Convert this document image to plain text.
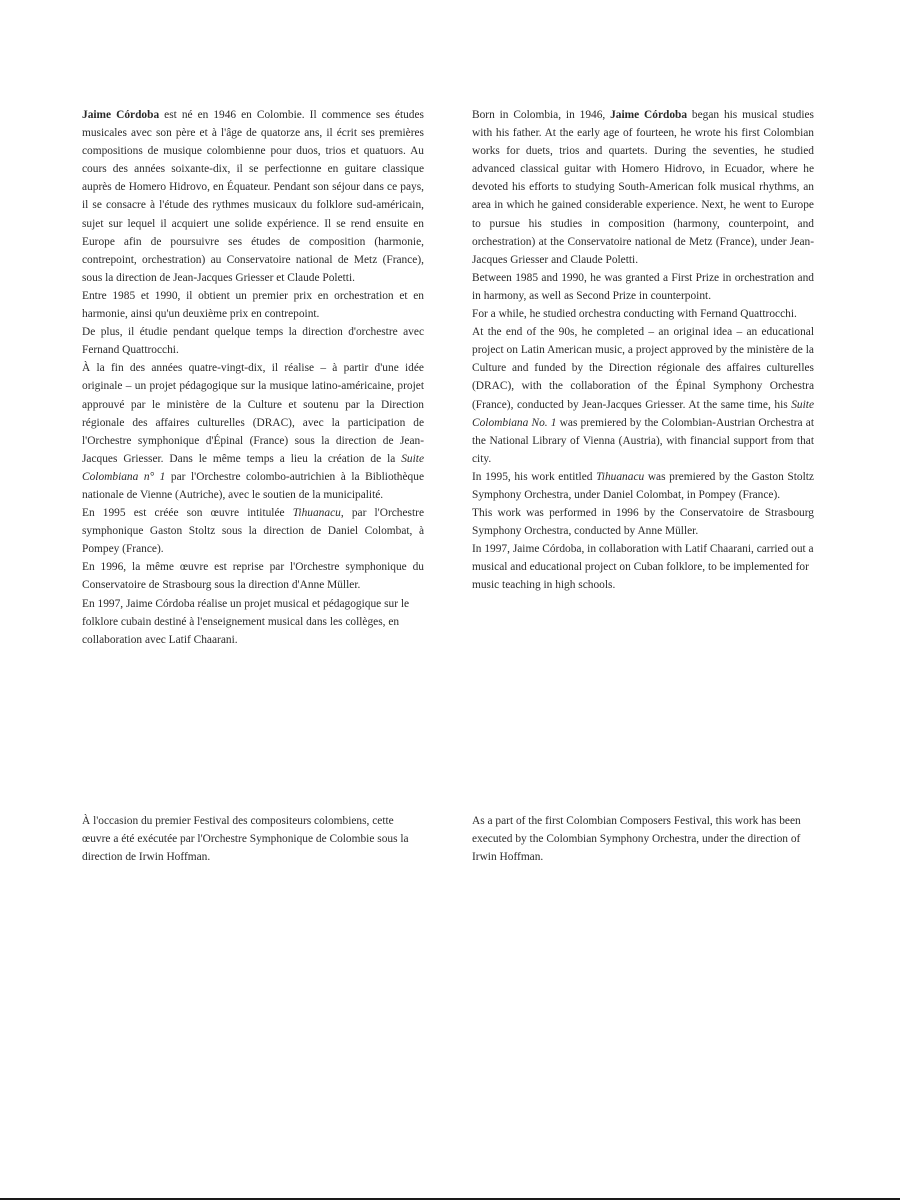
Jaime Córdoba est né en 1946 en Colombie. Il commence ses études musicales avec son père et à l'âge de quatorze ans, il écrit ses premières compositions de musique colombienne pour duos, trios et quatuors. Au cours des années soixante-dix, il se perfectionne en guitare classique auprès de Homero Hidrovo, en Équateur. Pendant son séjour dans ce pays, il se consacre à l'étude des rythmes musicaux du folklore sud-américain, sujet sur lequel il acquiert une solide expérience. Il se rend ensuite en Europe afin de poursuivre ses études de composition (harmonie, contrepoint, orchestration) au Conservatoire national de Metz (France), sous la direction de Jean-Jacques Griesser et Claude Poletti.

Entre 1985 et 1990, il obtient un premier prix en orchestration et en harmonie, ainsi qu'un deuxième prix en contrepoint.

De plus, il étudie pendant quelque temps la direction d'orchestre avec Fernand Quattrocchi.

À la fin des années quatre-vingt-dix, il réalise – à partir d'une idée originale – un projet pédagogique sur la musique latino-américaine, projet approuvé par le ministère de la Culture et soutenu par la Direction régionale des affaires culturelles (DRAC), avec la participation de l'Orchestre symphonique d'Épinal (France) sous la direction de Jean-Jacques Griesser. Dans le même temps a lieu la création de la Suite Colombiana n° 1 par l'Orchestre colombo-autrichien à la Bibliothèque nationale de Vienne (Autriche), avec le soutien de la municipalité.

En 1995 est créée son œuvre intitulée Tihuanacu, par l'Orchestre symphonique Gaston Stoltz sous la direction de Daniel Colombat, à Pompey (France).

En 1996, la même œuvre est reprise par l'Orchestre symphonique du Conservatoire de Strasbourg sous la direction d'Anne Müller.

En 1997, Jaime Córdoba réalise un projet musical et pédagogique sur le folklore cubain destiné à l'enseignement musical dans les collèges, en collaboration avec Latif Chaarani.

Born in Colombia, in 1946, Jaime Córdoba began his musical studies with his father. At the early age of fourteen, he wrote his first Colombian works for duets, trios and quartets. During the seventies, he studied advanced classical guitar with Homero Hidrovo, in Ecuador, where he devoted his efforts to studying South-American folk musical rhythms, an area in which he gained considerable experience. Next, he went to Europe to pursue his studies in composition (harmony, counterpoint, and orchestration) at the Conservatoire national de Metz (France), under Jean-Jacques Griesser and Claude Poletti.

Between 1985 and 1990, he was granted a First Prize in orchestration and in harmony, as well as Second Prize in counterpoint.

For a while, he studied orchestra conducting with Fernand Quattrocchi.

At the end of the 90s, he completed – an original idea – an educational project on Latin American music, a project approved by the ministère de la Culture and funded by the Direction régionale des affaires culturelles (DRAC), with the collaboration of the Épinal Symphony Orchestra (France), conducted by Jean-Jacques Griesser. At the same time, his Suite Colombiana No. 1 was premiered by the Colombian-Austrian Orchestra at the National Library of Vienna (Austria), with financial support from that city.

In 1995, his work entitled Tihuanacu was premiered by the Gaston Stoltz Symphony Orchestra, under Daniel Colombat, in Pompey (France).

This work was performed in 1996 by the Conservatoire de Strasbourg Symphony Orchestra, conducted by Anne Müller.

In 1997, Jaime Córdoba, in collaboration with Latif Chaarani, carried out a musical and educational project on Cuban folklore, to be implemented for music teaching in high schools.

À l'occasion du premier Festival des compositeurs colombiens, cette œuvre a été exécutée par l'Orchestre Symphonique de Colombie sous la direction de Irwin Hoffman.

As a part of the first Colombian Composers Festival, this work has been executed by the Colombian Symphony Orchestra, under the direction of Irwin Hoffman.
